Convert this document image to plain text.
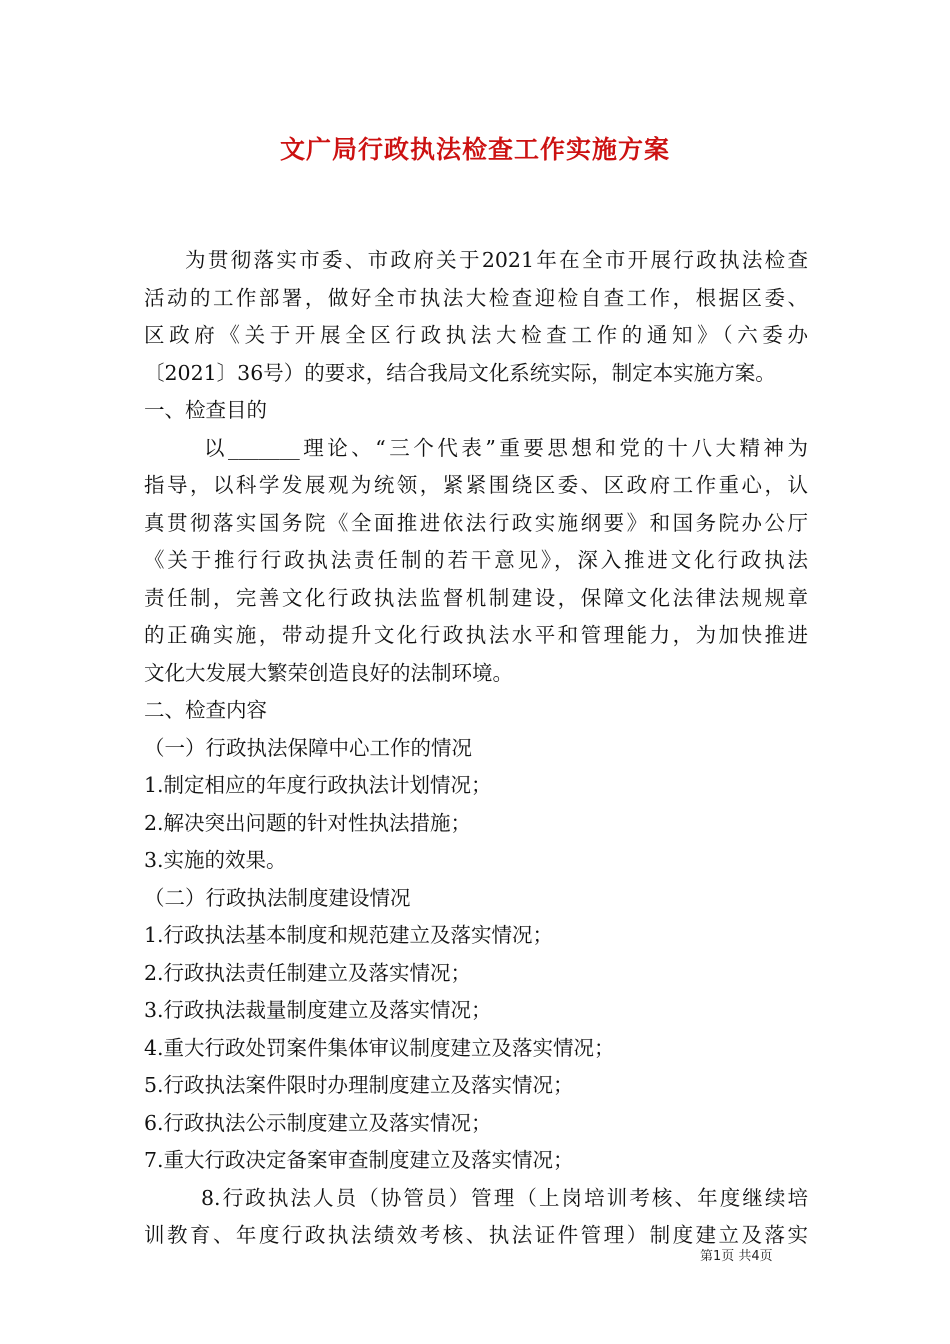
文广局行政执法检查工作实施方案

为贯彻落实市委、市政府关于2021年在全市开展行政执法检查
活动的工作部署，做好全市执法大检查迎检自查工作，根据区委、
区政府《关于开展全区行政执法大检查工作的通知》（六委办
〔2021〕36号）的要求，结合我局文化系统实际，制定本实施方案。

一、检查目的

以_______理论、“三个代表”重要思想和党的十八大精神为
指导，以科学发展观为统领，紧紧围绕区委、区政府工作重心，认
真贯彻落实国务院《全面推进依法行政实施纲要》和国务院办公厅
《关于推行行政执法责任制的若干意见》，深入推进文化行政执法
责任制，完善文化行政执法监督机制建设，保障文化法律法规规章
的正确实施，带动提升文化行政执法水平和管理能力，为加快推进
文化大发展大繁荣创造良好的法制环境。

二、检查内容

（一）行政执法保障中心工作的情况

1.制定相应的年度行政执法计划情况；

2.解决突出问题的针对性执法措施；

3.实施的效果。

（二）行政执法制度建设情况

1.行政执法基本制度和规范建立及落实情况；

2.行政执法责任制建立及落实情况；

3.行政执法裁量制度建立及落实情况；

4.重大行政处罚案件集体审议制度建立及落实情况；

5.行政执法案件限时办理制度建立及落实情况；

6.行政执法公示制度建立及落实情况；

7.重大行政决定备案审查制度建立及落实情况；

8.行政执法人员（协管员）管理（上岗培训考核、年度继续培
训教育、年度行政执法绩效考核、执法证件管理）制度建立及落实

第1页 共4页
